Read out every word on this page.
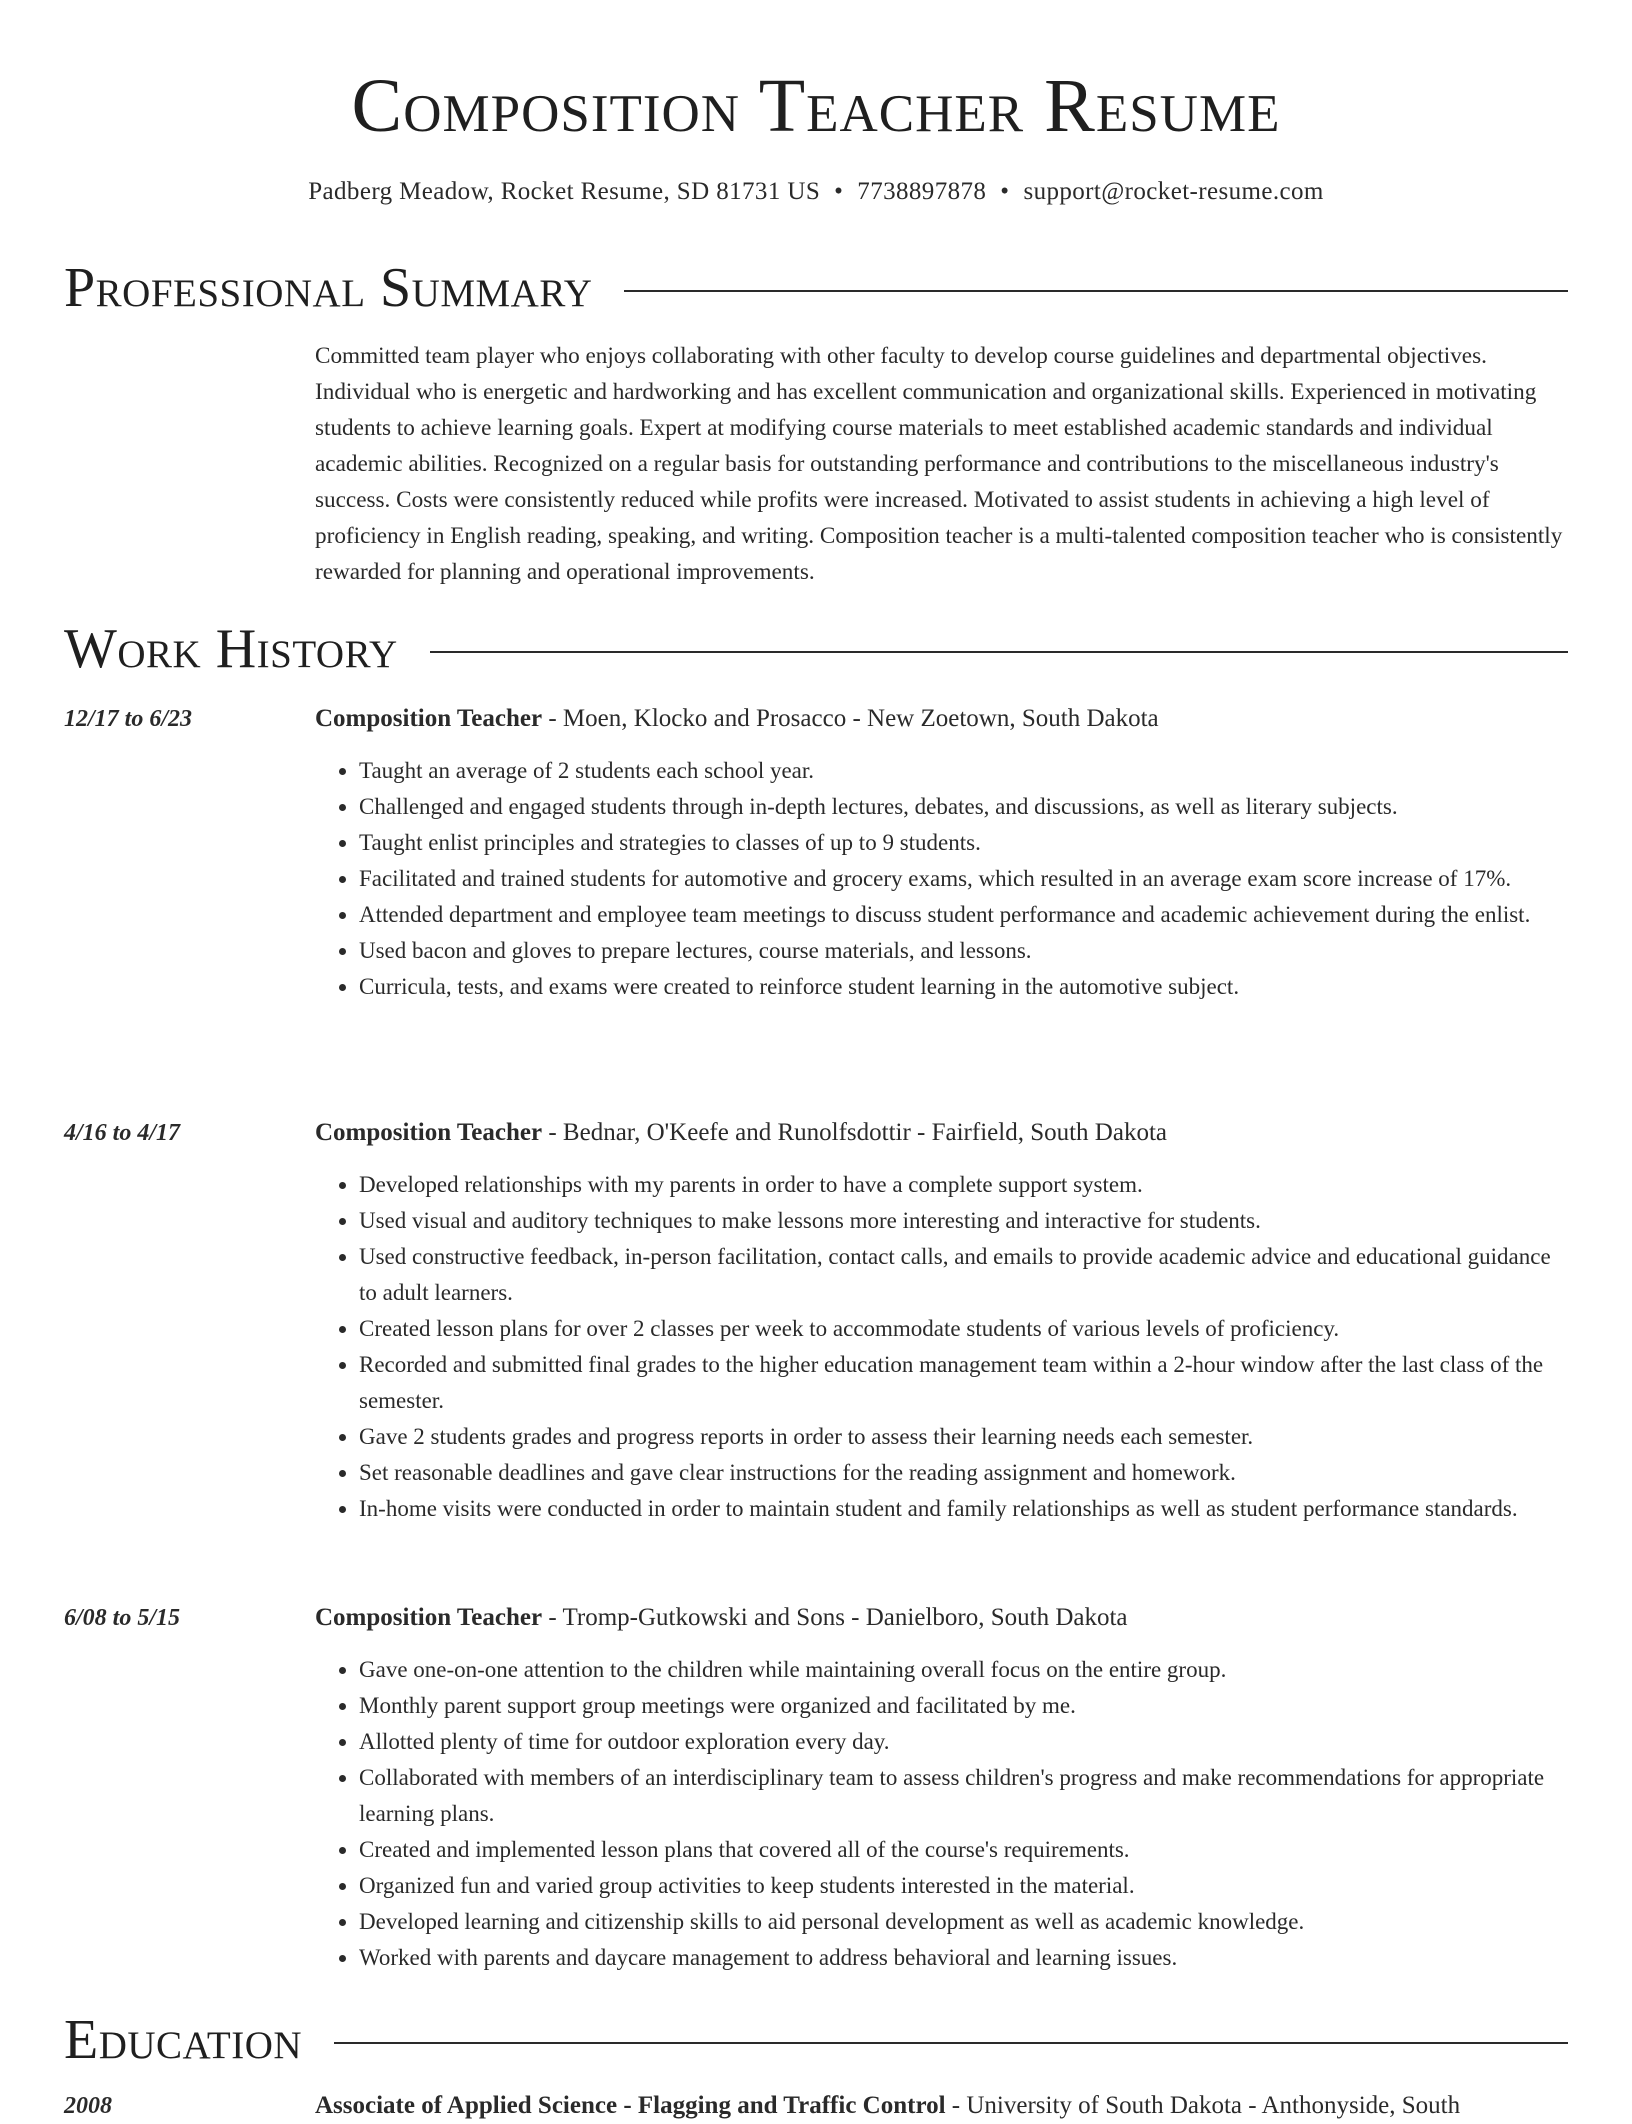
Composition Teacher Resume
Padberg Meadow, Rocket Resume, SD 81731 US • 7738897878 • support@rocket-resume.com
Professional Summary

Committed team player who enjoys collaborating with other faculty to develop course guidelines and departmental objectives. Individual who is energetic and hardworking and has excellent communication and organizational skills. Experienced in motivating students to achieve learning goals. Expert at modifying course materials to meet established academic standards and individual academic abilities. Recognized on a regular basis for outstanding performance and contributions to the miscellaneous industry's success. Costs were consistently reduced while profits were increased. Motivated to assist students in achieving a high level of proficiency in English reading, speaking, and writing. Composition teacher is a multi-talented composition teacher who is consistently rewarded for planning and operational improvements.

Work History
12/17 to 6/23	Composition Teacher - Moen, Klocko and Prosacco - New Zoetown, South Dakota
• Taught an average of 2 students each school year.
• Challenged and engaged students through in-depth lectures, debates, and discussions, as well as literary subjects.
• Taught enlist principles and strategies to classes of up to 9 students.
• Facilitated and trained students for automotive and grocery exams, which resulted in an average exam score increase of 17%.
• Attended department and employee team meetings to discuss student performance and academic achievement during the enlist.
• Used bacon and gloves to prepare lectures, course materials, and lessons.
• Curricula, tests, and exams were created to reinforce student learning in the automotive subject.
4/16 to 4/17	Composition Teacher - Bednar, O'Keefe and Runolfsdottir - Fairfield, South Dakota
• Developed relationships with my parents in order to have a complete support system.
• Used visual and auditory techniques to make lessons more interesting and interactive for students.
• Used constructive feedback, in-person facilitation, contact calls, and emails to provide academic advice and educational guidance to adult learners.
• Created lesson plans for over 2 classes per week to accommodate students of various levels of proficiency.
• Recorded and submitted final grades to the higher education management team within a 2-hour window after the last class of the semester.
• Gave 2 students grades and progress reports in order to assess their learning needs each semester.
• Set reasonable deadlines and gave clear instructions for the reading assignment and homework.
• In-home visits were conducted in order to maintain student and family relationships as well as student performance standards.
6/08 to 5/15	Composition Teacher - Tromp-Gutkowski and Sons - Danielboro, South Dakota
• Gave one-on-one attention to the children while maintaining overall focus on the entire group.
• Monthly parent support group meetings were organized and facilitated by me.
• Allotted plenty of time for outdoor exploration every day.
• Collaborated with members of an interdisciplinary team to assess children's progress and make recommendations for appropriate learning plans.
• Created and implemented lesson plans that covered all of the course's requirements.
• Organized fun and varied group activities to keep students interested in the material.
• Developed learning and citizenship skills to aid personal development as well as academic knowledge.
• Worked with parents and daycare management to address behavioral and learning issues.
Education
2008	Associate of Applied Science - Flagging and Traffic Control - University of South Dakota - Anthonyside, South
